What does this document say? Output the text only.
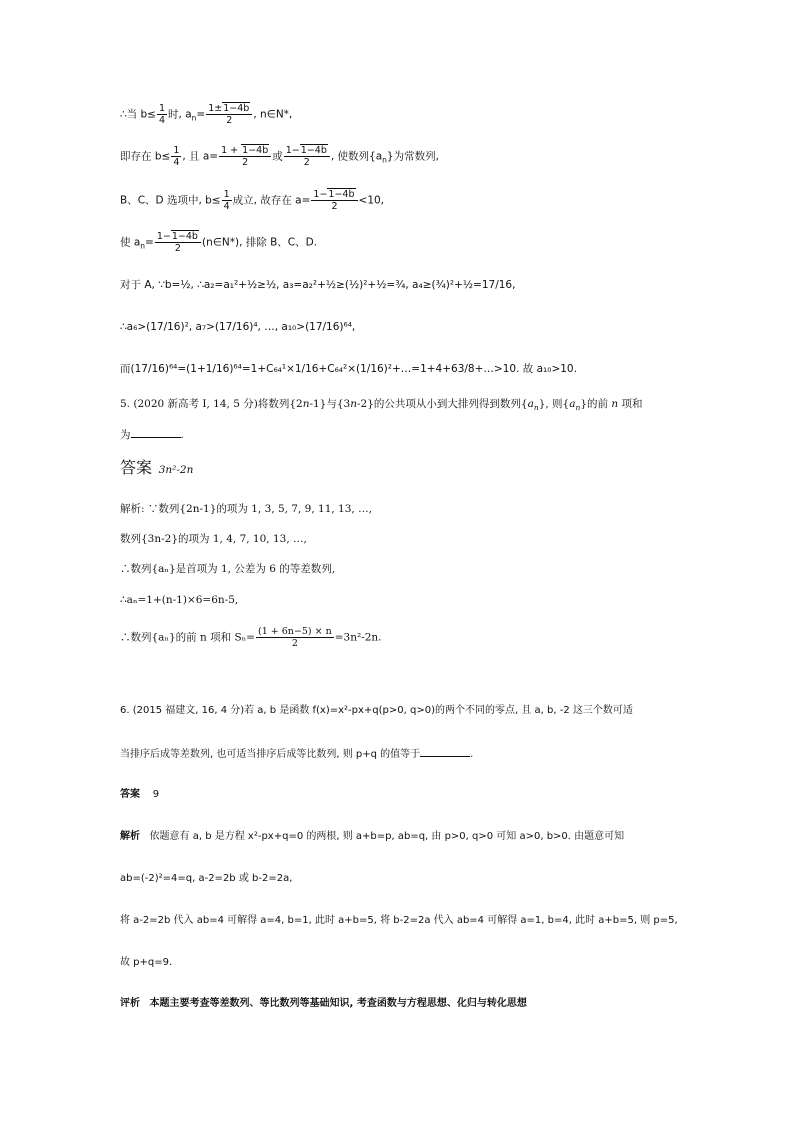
∴当 $b\le \frac{1}{4}$ 时, $a_n= \frac{1\pm 1-4b}{2}$ , n∈N*,
即存在 $b\le \frac{1}{4}$ , 且 $a= \frac{1 + 1-4b}{2}$ 或 $\frac{1-1-4b}{2}$ , 使数列$\{a_n\}$为常数列,
B、C、D 选项中, $b\le \frac{1}{4}$ 成立, 故存在 $a= \frac{1-1-4b}{2} <10$,
使 $a_n= \frac{1-1-4b}{2}$ (n∈N*), 排除 B、C、D.
对于 A, ∵b=½, ∴a₂=a₁²+½≥½, a₃=a₂²+½≥(½)²+½=¾, a₄≥(¾)²+½=17/16,
∴a₆>(17/16)², a₇>(17/16)⁴, …, a₁₀>(17/16)⁶⁴,
而(17/16)⁶⁴=(1+1/16)⁶⁴=1+C₆₄¹×1/16+C₆₄²×(1/16)²+…=1+4+63/8+…>10. 故 a₁₀>10.
5. (2020 新高考 Ⅰ, 14, 5 分)将数列{2n-1}与{3n-2}的公共项从小到大排列得到数列$\{a_n\}$, 则$\{a_n\}$的前 n 项和
为	.
答案 3n²-2n
解析: ∵数列{2n-1}的项为 1, 3, 5, 7, 9, 11, 13, …,
数列{3n-2}的项为 1, 4, 7, 10, 13, …,
∴数列{aₙ}是首项为 1, 公差为 6 的等差数列,
∴aₙ=1+(n-1)×6=6n-5,
∴数列{aₙ}的前 n 项和 $S_n= \frac{(1 + 6n-5) \times n}{2} =3n^2-2n$.
6. (2015 福建文, 16, 4 分)若 a, b 是函数 f(x)=x²-px+q(p>0, q>0)的两个不同的零点, 且 a, b, -2 这三个数可适
当排序后成等差数列, 也可适当排序后成等比数列, 则 p+q 的值等于	.
答案 9
解析 依题意有 a, b 是方程 x²-px+q=0 的两根, 则 a+b=p, ab=q, 由 p>0, q>0 可知 a>0, b>0. 由题意可知
ab=(-2)²=4=q, a-2=2b 或 b-2=2a,
将 a-2=2b 代入 ab=4 可解得 a=4, b=1, 此时 a+b=5, 将 b-2=2a 代入 ab=4 可解得 a=1, b=4, 此时 a+b=5, 则 p=5,
故 p+q=9.
评析 本题主要考查等差数列、等比数列等基础知识, 考查函数与方程思想、化归与转化思想
